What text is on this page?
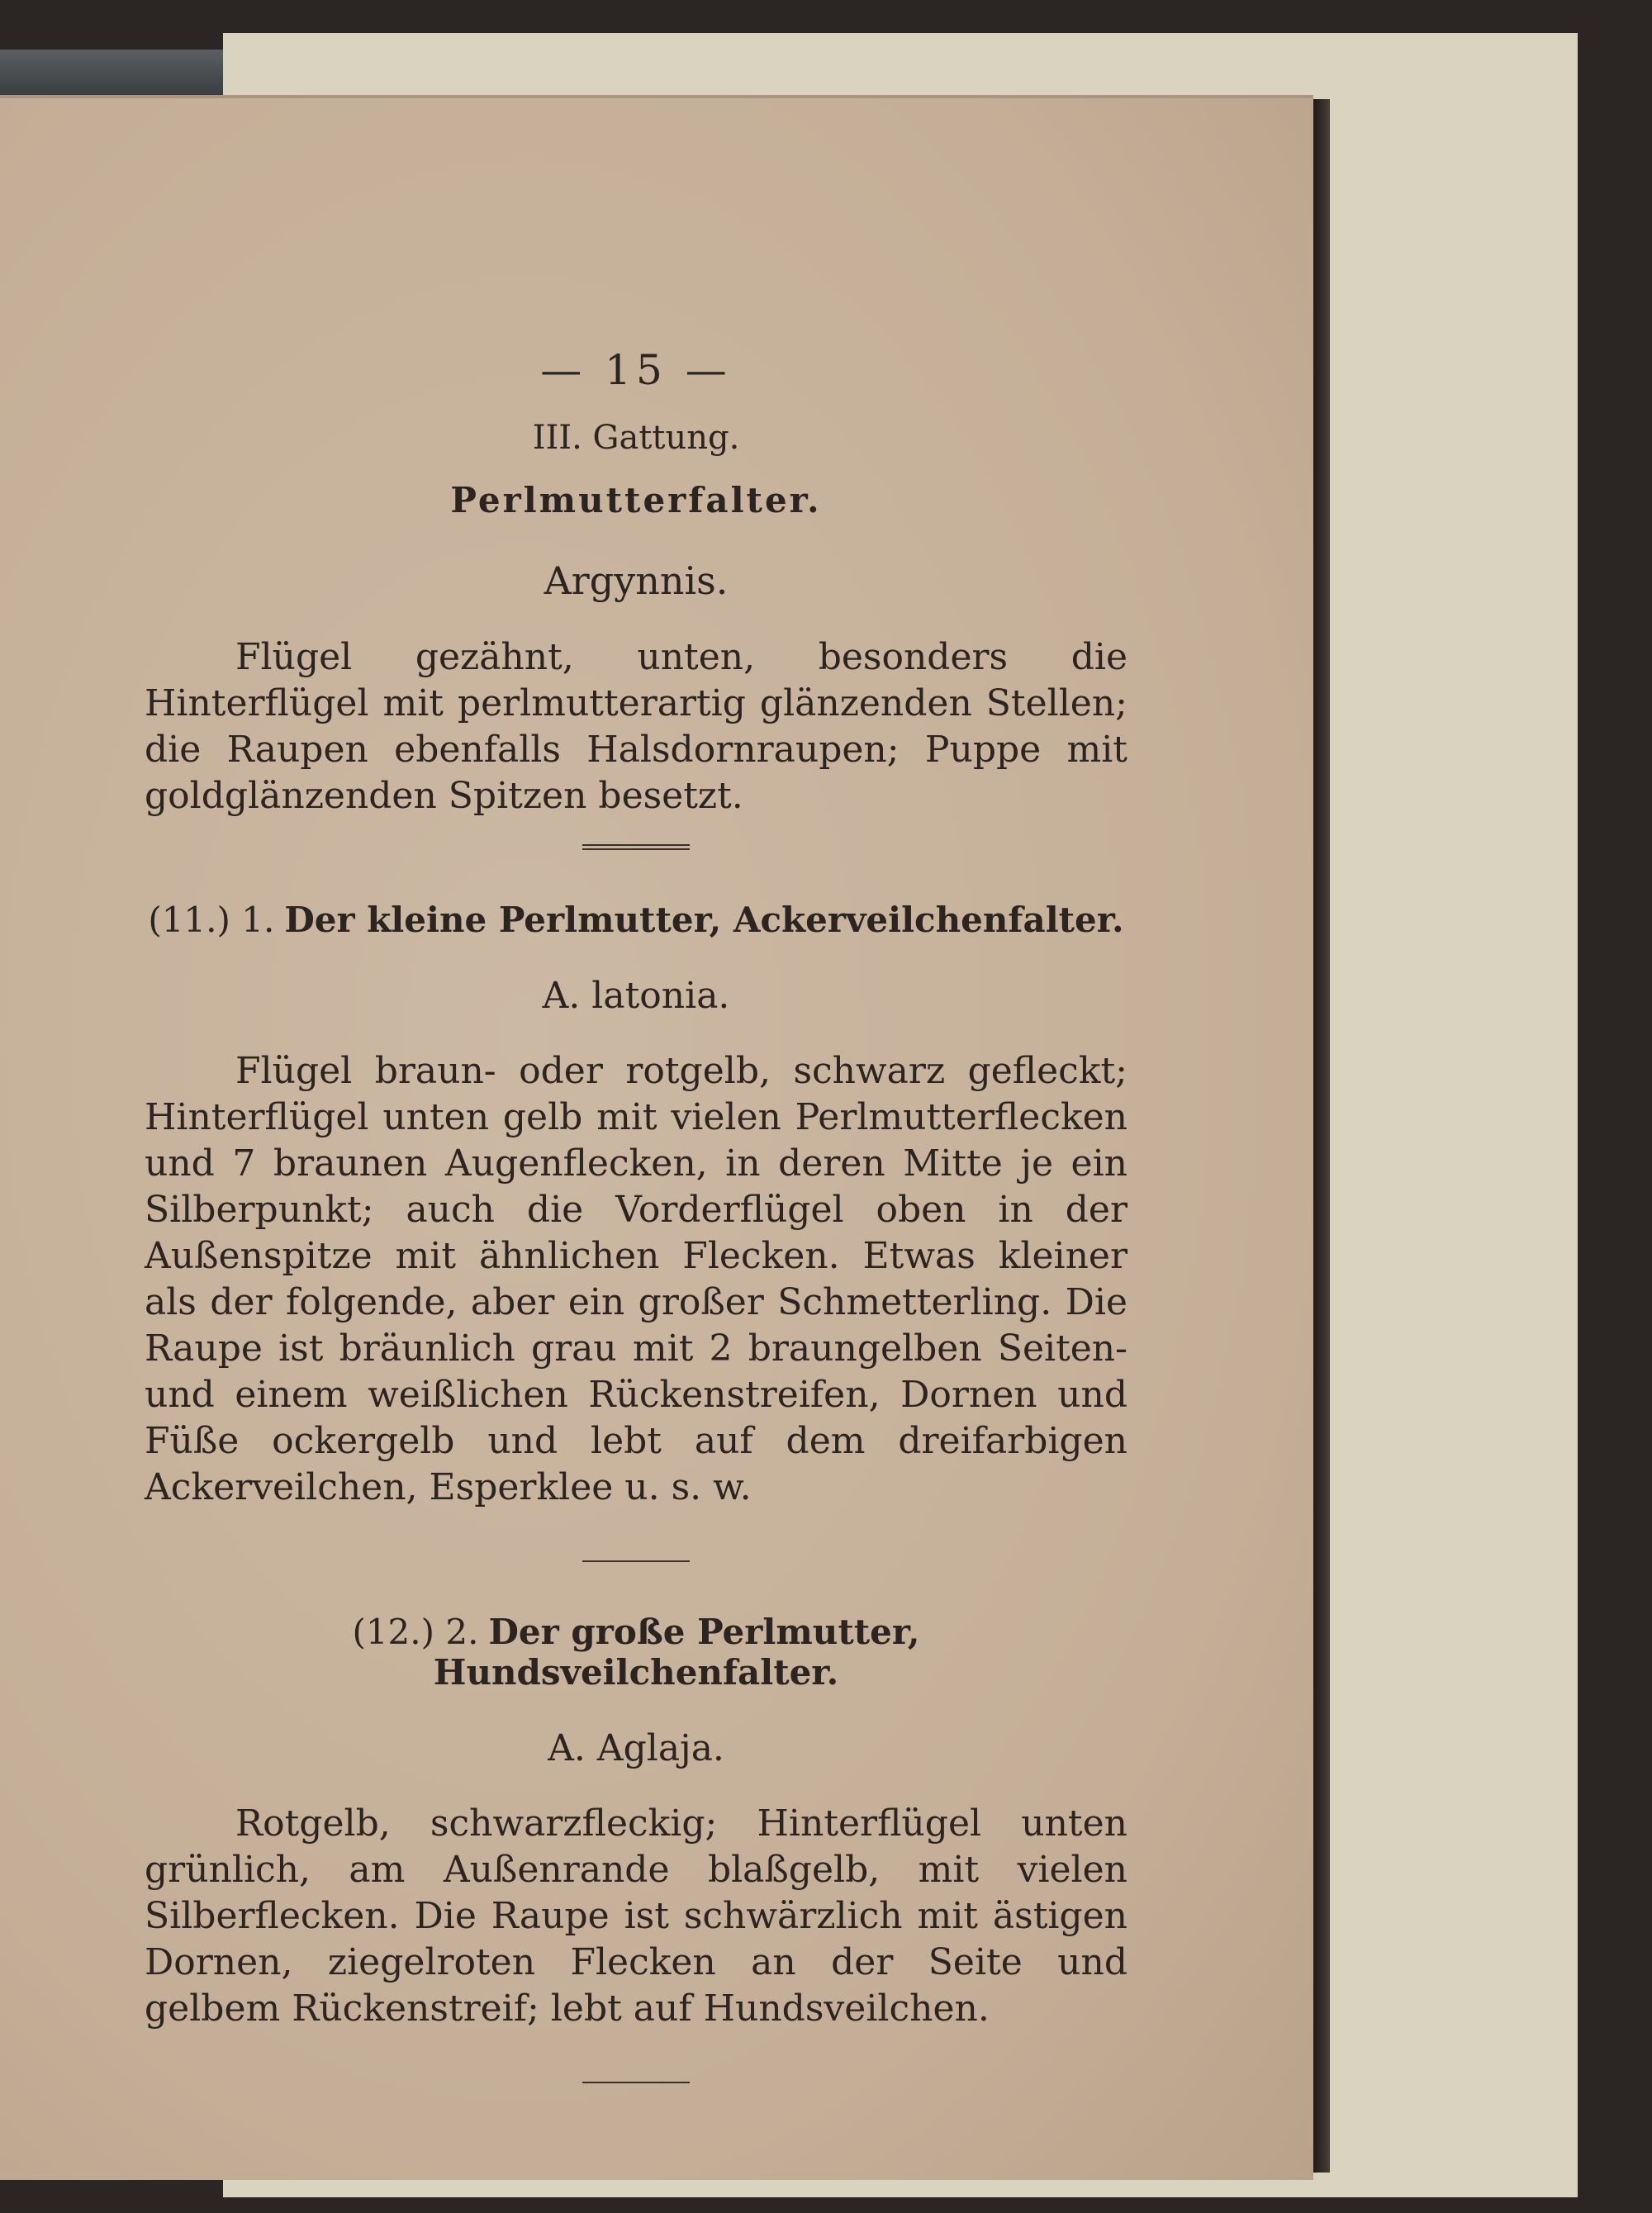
— 15 —
III. Gattung.
Perlmutterfalter.
Argynnis.
Flügel gezähnt, unten, besonders die Hinterflügel mit perlmutterartig glänzenden Stellen; die Raupen ebenfalls Halsdornraupen; Puppe mit goldglänzenden Spitzen besetzt.
(11.) 1. Der kleine Perlmutter, Ackerveilchenfalter.
A. latonia.
Flügel braun- oder rotgelb, schwarz gefleckt; Hinterflügel unten gelb mit vielen Perlmutterflecken und 7 braunen Augenflecken, in deren Mitte je ein Silberpunkt; auch die Vorderflügel oben in der Außenspitze mit ähnlichen Flecken. Etwas kleiner als der folgende, aber ein großer Schmetterling. Die Raupe ist bräunlich grau mit 2 braungelben Seiten- und einem weißlichen Rückenstreifen, Dornen und Füße ockergelb und lebt auf dem dreifarbigen Ackerveilchen, Esperklee u. s. w.
(12.) 2. Der große Perlmutter, Hundsveilchenfalter.
A. Aglaja.
Rotgelb, schwarzfleckig; Hinterflügel unten grünlich, am Außenrande blaßgelb, mit vielen Silberflecken. Die Raupe ist schwärzlich mit ästigen Dornen, ziegelroten Flecken an der Seite und gelbem Rückenstreif; lebt auf Hundsveilchen.
